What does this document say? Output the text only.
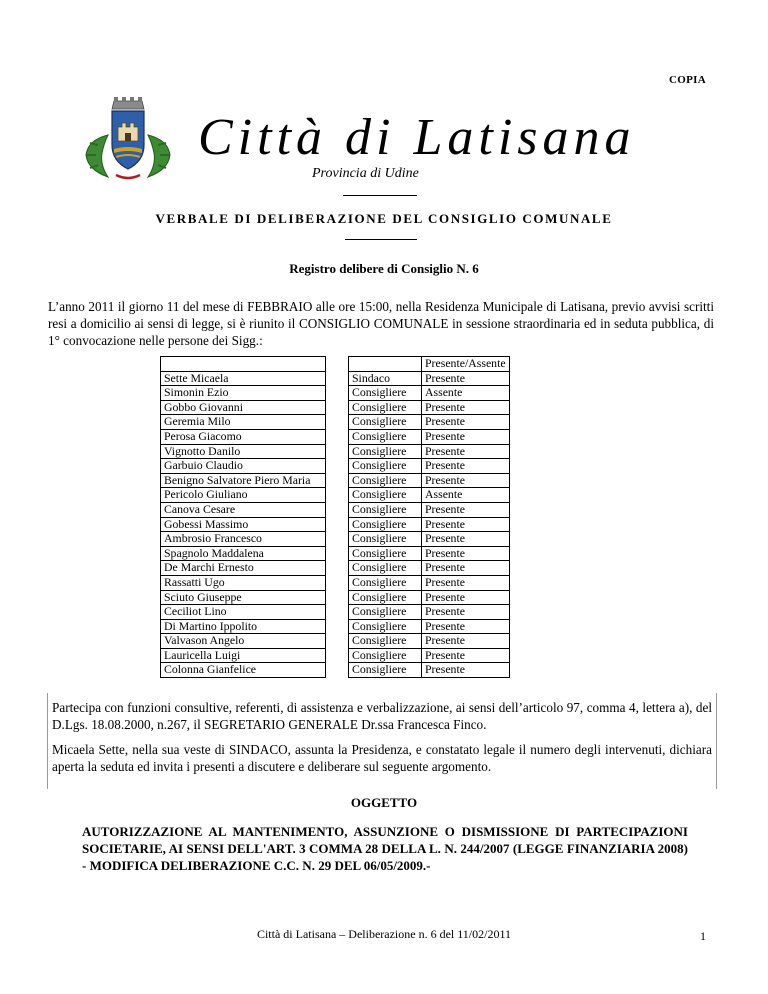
COPIA
Città di Latisana
Provincia di Udine
VERBALE DI DELIBERAZIONE DEL CONSIGLIO COMUNALE
Registro delibere di Consiglio N. 6
L’anno 2011 il giorno 11 del mese di FEBBRAIO alle ore 15:00, nella Residenza Municipale di Latisana, previo avvisi scritti resi a domicilio ai sensi di legge, si è riunito il CONSIGLIO COMUNALE in sessione straordinaria ed in seduta pubblica, di 1° convocazione nelle persone dei Sigg.:
			Presente/Assente
Sette Micaela		Sindaco	Presente
Simonin Ezio		Consigliere	Assente
Gobbo Giovanni		Consigliere	Presente
Geremia Milo		Consigliere	Presente
Perosa Giacomo		Consigliere	Presente
Vignotto Danilo		Consigliere	Presente
Garbuio Claudio		Consigliere	Presente
Benigno Salvatore Piero Maria		Consigliere	Presente
Pericolo Giuliano		Consigliere	Assente
Canova Cesare		Consigliere	Presente
Gobessi Massimo		Consigliere	Presente
Ambrosio Francesco		Consigliere	Presente
Spagnolo Maddalena		Consigliere	Presente
De Marchi Ernesto		Consigliere	Presente
Rassatti Ugo		Consigliere	Presente
Sciuto Giuseppe		Consigliere	Presente
Ceciliot Lino		Consigliere	Presente
Di Martino Ippolito		Consigliere	Presente
Valvason Angelo		Consigliere	Presente
Lauricella Luigi		Consigliere	Presente
Colonna Gianfelice		Consigliere	Presente
Partecipa con funzioni consultive, referenti, di assistenza e verbalizzazione, ai sensi dell’articolo 97, comma 4, lettera a), del D.Lgs. 18.08.2000, n.267, il SEGRETARIO GENERALE Dr.ssa Francesca Finco.
Micaela Sette, nella sua veste di SINDACO, assunta la Presidenza, e constatato legale il numero degli intervenuti, dichiara aperta la seduta ed invita i presenti a discutere e deliberare sul seguente argomento.
OGGETTO
AUTORIZZAZIONE AL MANTENIMENTO, ASSUNZIONE O DISMISSIONE DI PARTECIPAZIONI SOCIETARIE, AI SENSI DELL'ART. 3 COMMA 28 DELLA L. N. 244/2007 (LEGGE FINANZIARIA 2008) - MODIFICA DELIBERAZIONE C.C. N. 29 DEL 06/05/2009.-
Città di Latisana – Deliberazione n. 6 del 11/02/2011	1
